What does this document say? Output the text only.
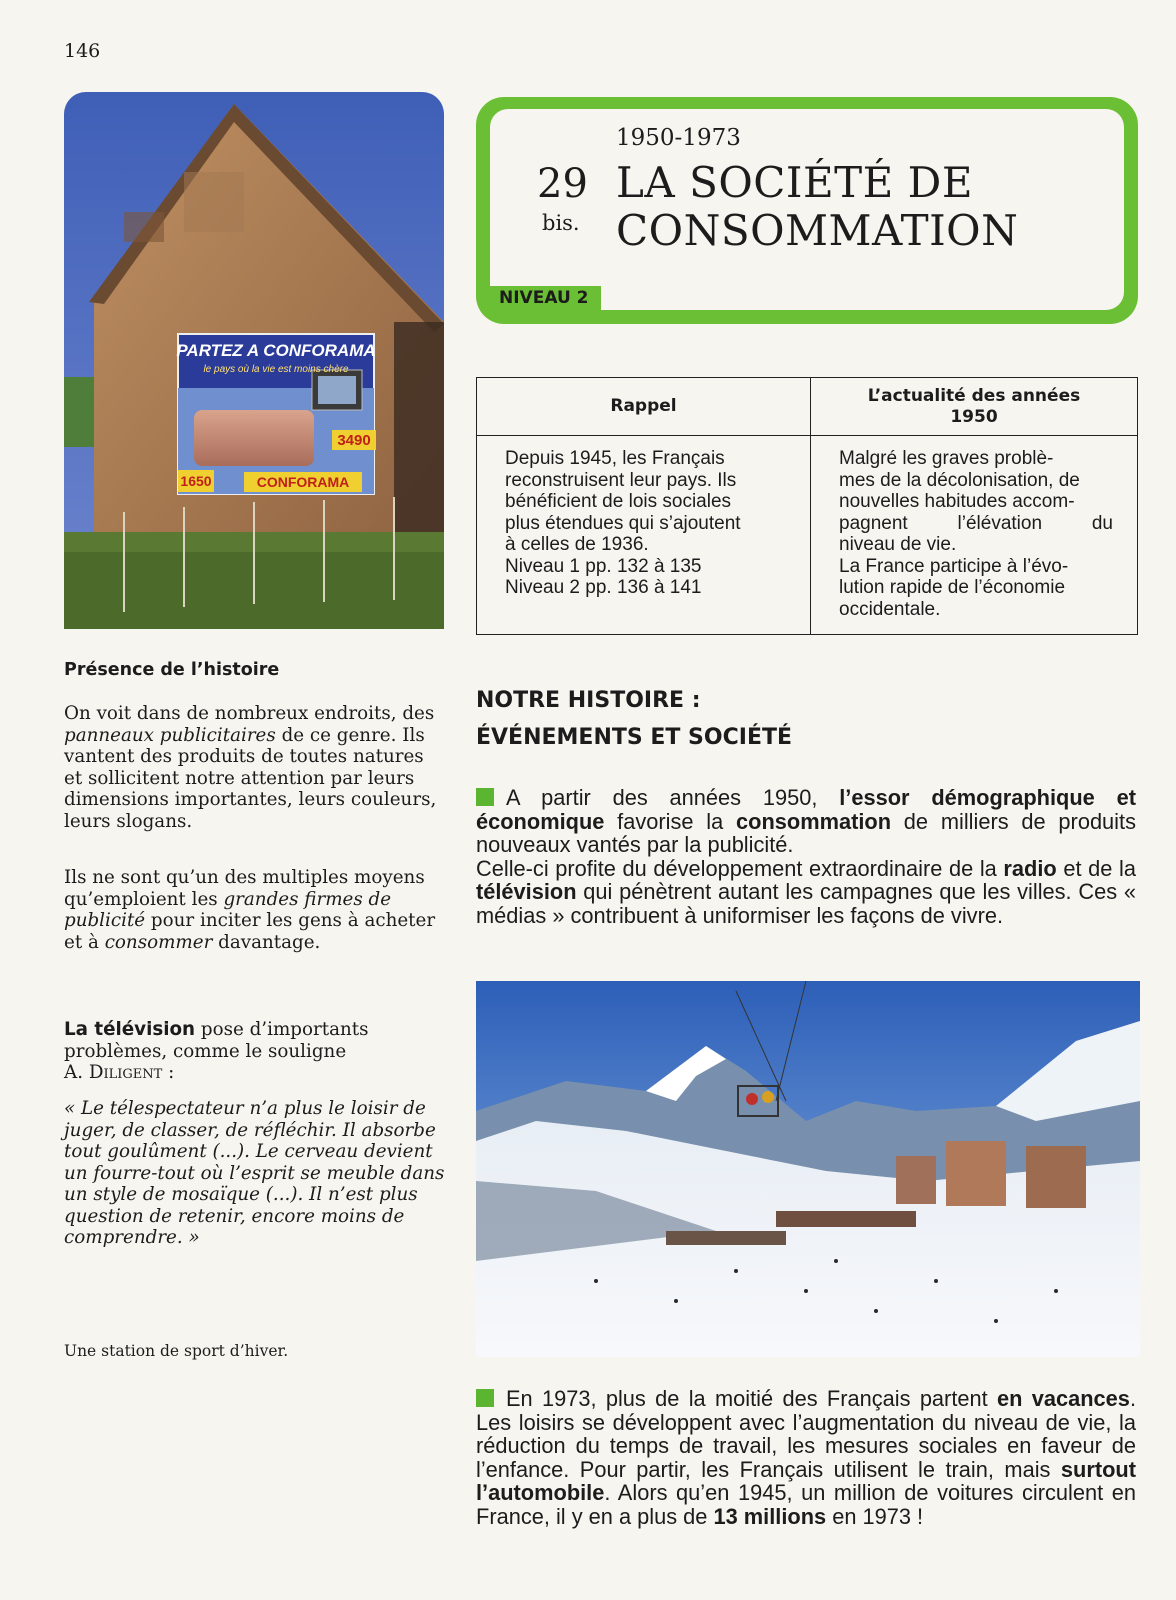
146
3490
1650	CONFORAMA
PARTEZ A CONFORAMA
le pays où la vie est moins chère
1950-1973
29
bis.
LA SOCIÉTÉ DE
CONSOMMATION
NIVEAU 2
Rappel
Depuis 1945, les Français
reconstruisent leur pays. Ils
bénéficient de lois sociales
plus étendues qui s’ajoutent
à celles de 1936.
Niveau 1 pp. 132 à 135
Niveau 2 pp. 136 à 141
L’actualité des années 1950
Malgré les graves problè-
mes de la décolonisation, de
nouvelles habitudes accom-
pagnent l’élévation du
niveau de vie.
La France participe à l’évo-
lution rapide de l’économie
occidentale.
Présence de l’histoire
On voit dans de nombreux endroits, des panneaux publicitaires de ce genre. Ils vantent des produits de toutes natures et sollicitent notre attention par leurs dimensions importantes, leurs couleurs, leurs slogans.
Ils ne sont qu’un des multiples moyens qu’emploient les grandes firmes de publicité pour inciter les gens à acheter et à consommer davantage.
La télévision pose d’importants problèmes, comme le souligne
A. Diligent :
« Le télespectateur n’a plus le loisir de juger, de classer, de réfléchir. Il absorbe tout goulûment (...). Le cerveau devient un fourre-tout où l’esprit se meuble dans un style de mosaïque (...). Il n’est plus question de retenir, encore moins de comprendre. »
Une station de sport d’hiver.
NOTRE HISTOIRE :
ÉVÉNEMENTS ET SOCIÉTÉ
A partir des années 1950, l’essor démographique et économique favorise la consommation de milliers de produits nouveaux vantés par la publicité.
Celle-ci profite du développement extraordinaire de la radio et de la télévision qui pénètrent autant les campagnes que les villes. Ces « médias » contribuent à uniformiser les façons de vivre.
En 1973, plus de la moitié des Français partent en vacances. Les loisirs se développent avec l’augmentation du niveau de vie, la réduction du temps de travail, les mesures sociales en faveur de l’enfance. Pour partir, les Français utilisent le train, mais surtout l’automobile. Alors qu’en 1945, un million de voitures circulent en France, il y en a plus de 13 millions en 1973 !
